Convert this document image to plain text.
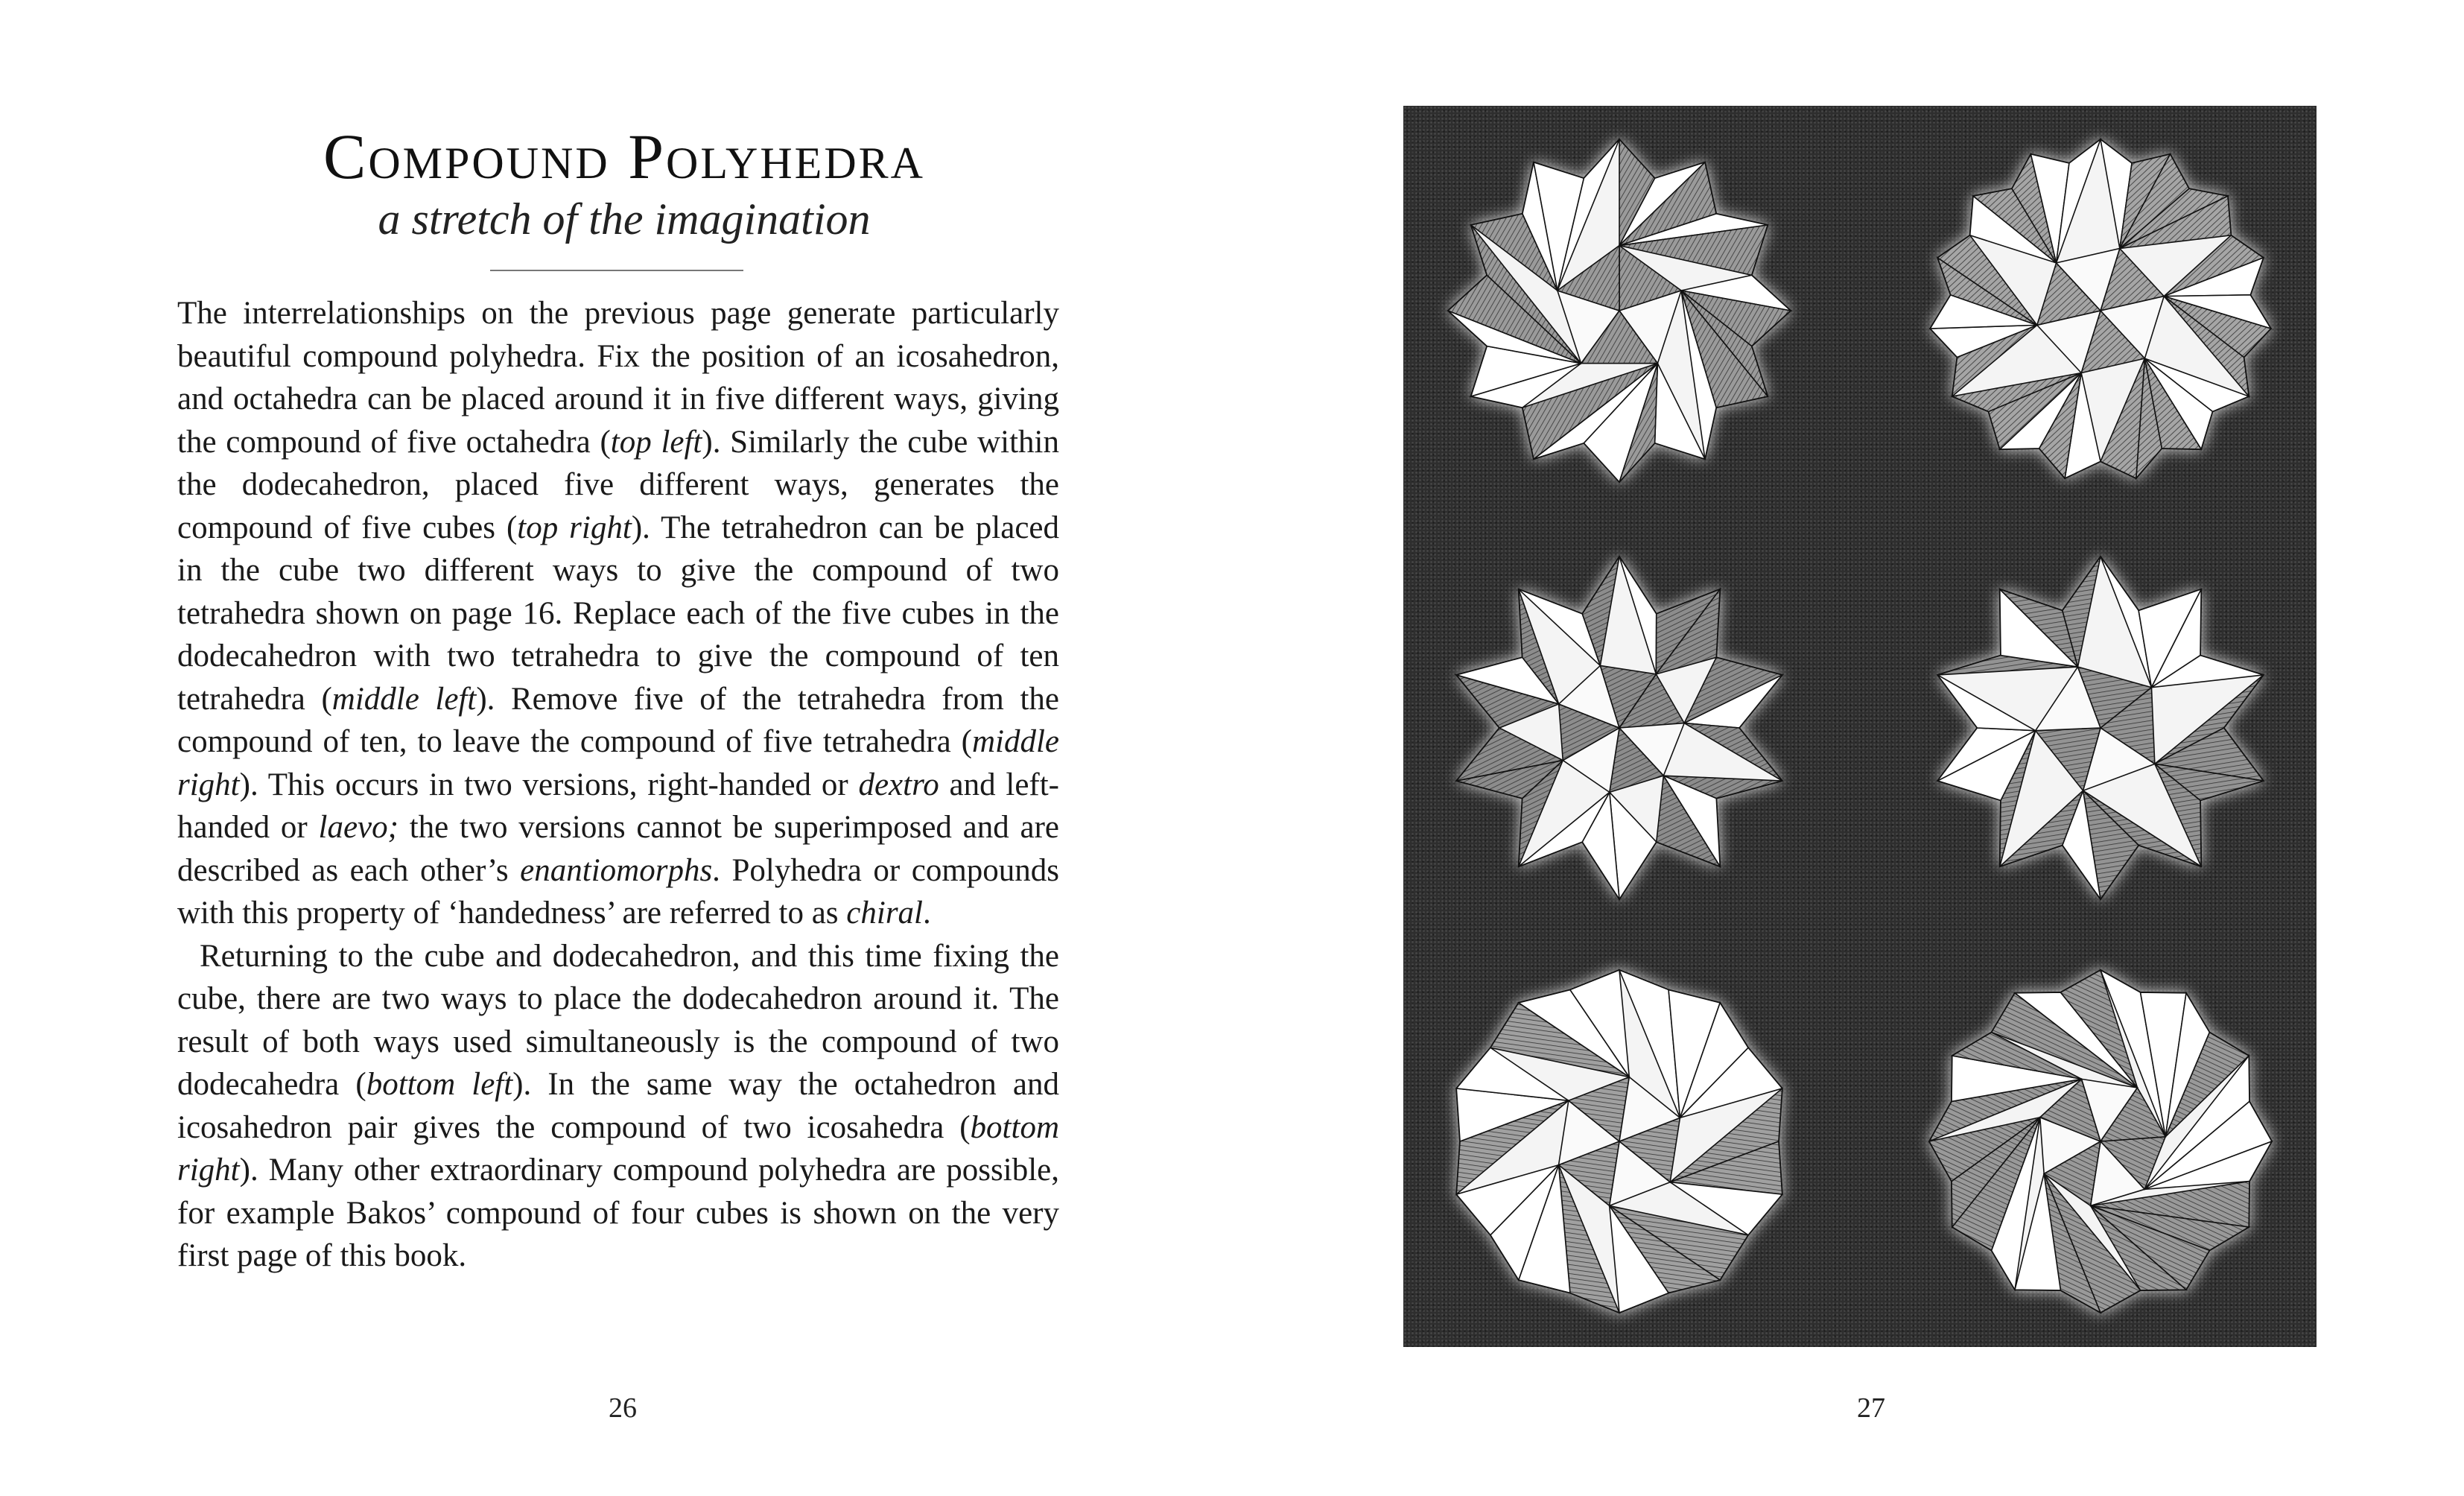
Compound Polyhedra
a stretch of the imagination

The interrelationships on the previous page generate particularly beautiful compound polyhedra. Fix the position of an icosahedron, and octahedra can be placed around it in five different ways, giving the compound of five octahedra (top left). Similarly the cube within the dodecahedron, placed five different ways, generates the compound of five cubes (top right). The tetrahedron can be placed in the cube two different ways to give the compound of two tetrahedra shown on page 16. Replace each of the five cubes in the dodecahedron with two tetrahedra to give the compound of ten tetrahedra (middle left). Remove five of the tetrahedra from the compound of ten, to leave the compound of five tetrahedra (middle right). This occurs in two versions, right-handed or dextro and left-handed or laevo; the two versions cannot be superimposed and are described as each other’s enantiomorphs. Polyhedra or compounds with this property of ‘handedness’ are referred to as chiral.

Returning to the cube and dodecahedron, and this time fixing the cube, there are two ways to place the dodecahedron around it. The result of both ways used simultaneously is the compound of two dodecahedra (bottom left). In the same way the octahedron and icosahedron pair gives the compound of two icosahedra (bottom right). Many other extraordinary compound polyhedra are possible, for example Bakos’ compound of four cubes is shown on the very first page of this book.

26	27
